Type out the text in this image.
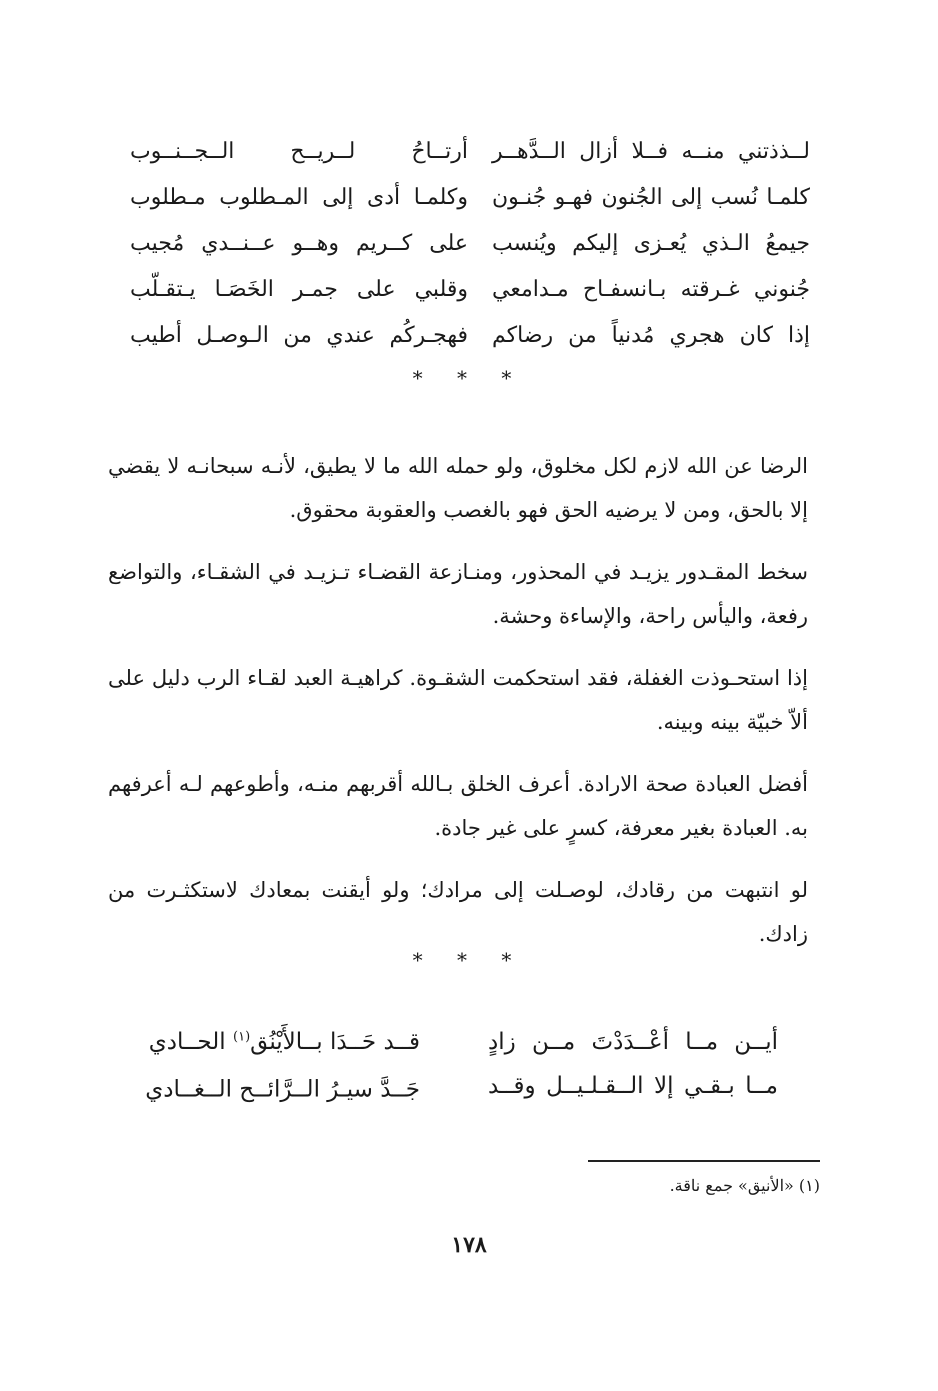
لــذذتني منــه فــلا أزال الــدَّهــر
أرتــاحُ لــريــح الــجــنــوب
كلمـا نُسب إلى الجُنون فهـو جُنـون
وكلمـا أدى إلى المـطلوب مـطلوب
جيمعُ الـذي يُعـزى إليكم ويُنسب
على كــريم وهــو عــنــدي مُجيب
جُنوني غـرقته بـانسفـاح مـدامعي
وقلبي على جمـر الخَصَـا يـتقـلّب
إذا كان هجري مُدنياً من رضاكم
فهجـركُم عندي من الـوصـل أطيب
* * *

الرضا عن الله لازم لكل مخلوق، ولو حمله الله ما لا يطيق، لأنـه سبحانـه لا يقضي إلا بالحق، ومن لا يرضيه الحق فهو بالغصب والعقوبة محقوق.

سخط المقـدور يزيـد في المحذور، ومنـازعة القضـاء تـزيـد في الشقـاء، والتواضع رفعة، واليأس راحة، والإساءة وحشة.

إذا استحـوذت الغفلة، فقد استحكمت الشقـوة. كراهيـة العبد لقـاء الرب دليل على ألاّ خبيّة بينه وبينه.

أفضل العبادة صحة الارادة. أعرف الخلق بـالله أقربهم منـه، وأطوعهم لـه أعرفهم به. العبادة بغير معرفة، كسرٍ على غير جادة.

لو انتبهت من رقادك، لوصـلت إلى مرادك؛ ولو أيقنت بمعادك لاستكثـرت من زادك.

* * *
أيــن مــا أعْــدَدْتَ مــن زادٍ
قــد حَــدَا بــالأَيْنُق$^{(١)}$ الحــادي
مــا بـقـي إلا الــقـلـيــل وقــد
جَــدَّ سيـرُ الــرَّائــح الــغــادي
(١) «الأنيق» جمع ناقة.
١٧٨
